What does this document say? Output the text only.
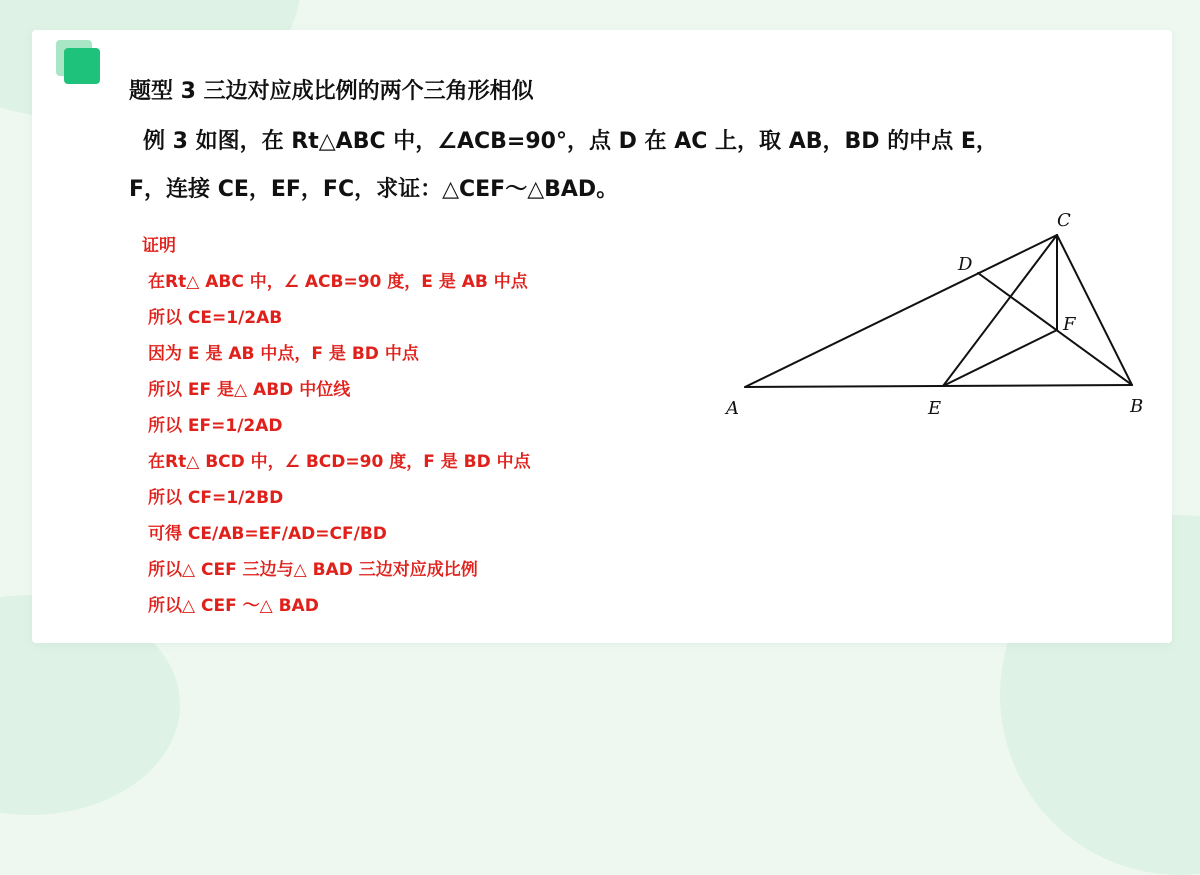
题型 3 三边对应成比例的两个三角形相似
例 3 如图，在 Rt△ABC 中，∠ACB=90°，点 D 在 AC 上，取 AB，BD 的中点 E，
F，连接 CE，EF，FC，求证：△CEF～△BAD。
证明
在Rt△ ABC 中，∠ ACB=90 度，E 是 AB 中点
所以 CE=1/2AB
因为 E 是 AB 中点，F 是 BD 中点
所以 EF 是△ ABD 中位线
所以 EF=1/2AD
在Rt△ BCD 中，∠ BCD=90 度，F 是 BD 中点
所以 CF=1/2BD
可得 CE/AB=EF/AD=CF/BD
所以△ CEF 三边与△ BAD 三边对应成比例
所以△ CEF ～△ BAD
A	B
C
D
E
F
